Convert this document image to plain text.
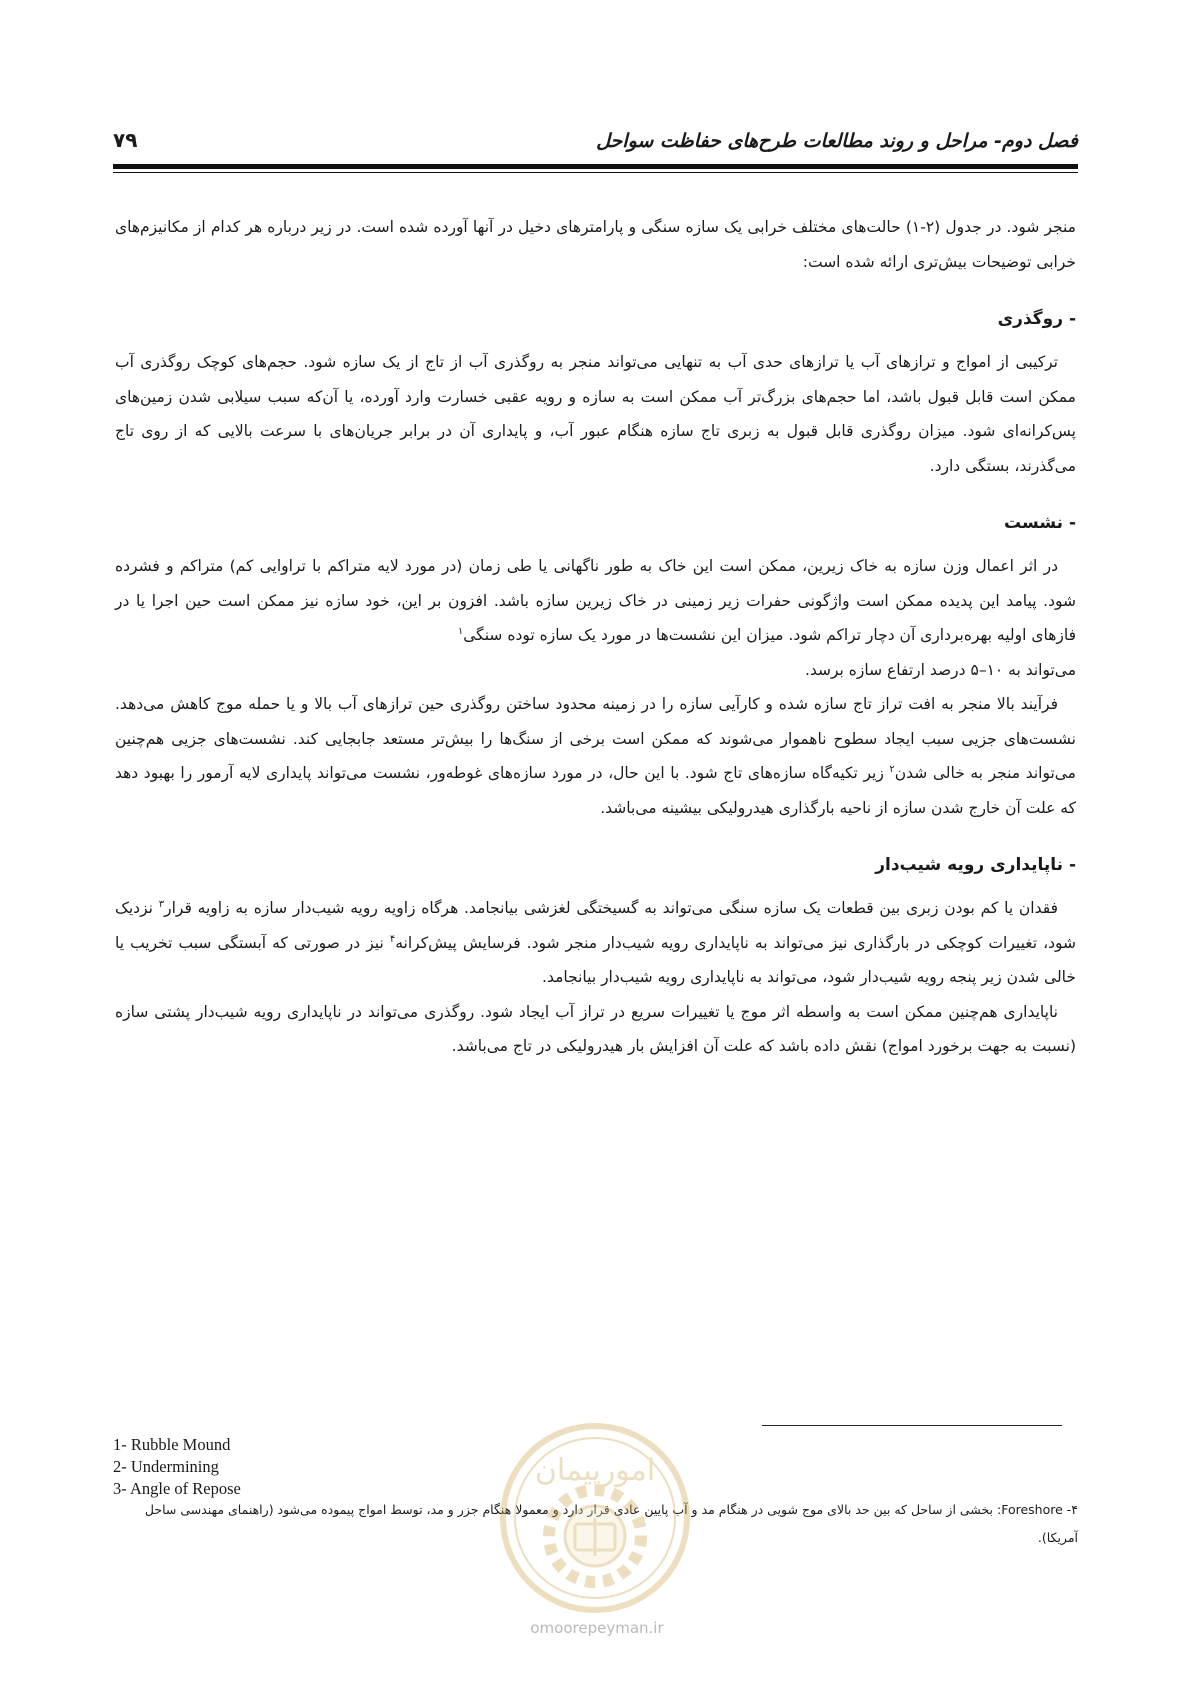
فصل دوم- مراحل و روند مطالعات طرح‌های حفاظت سواحل
۷۹

منجر شود. در جدول (۲-۱) حالت‌های مختلف خرابی یک سازه سنگی و پارامترهای دخیل در آنها آورده شده است. در زیر درباره هر کدام از مکانیزم‌های خرابی توضیحات بیش‌تری ارائه شده است:

- روگذری

ترکیبی از امواج و ترازهای آب یا ترازهای حدی آب به تنهایی می‌تواند منجر به روگذری آب از تاج از یک سازه شود. حجم‌های کوچک روگذری آب ممکن است قابل قبول باشد، اما حجم‌های بزرگ‌تر آب ممکن است به سازه و رویه عقبی خسارت وارد آورده، یا آن‌که سبب سیلابی شدن زمین‌های پس‌کرانه‌ای شود. میزان روگذری قابل قبول به زبری تاج سازه هنگام عبور آب، و پایداری آن در برابر جریان‌های با سرعت بالایی که از روی تاج می‌گذرند، بستگی دارد.

- نشست

در اثر اعمال وزن سازه به خاک زیرین، ممکن است این خاک به طور ناگهانی یا طی زمان (در مورد لایه متراکم با تراوایی کم) متراکم و فشرده شود. پیامد این پدیده ممکن است واژگونی حفرات زیر زمینی در خاک زیرین سازه باشد. افزون بر این، خود سازه نیز ممکن است حین اجرا یا در فازهای اولیه بهره‌برداری آن دچار تراکم شود. میزان این نشست‌ها در مورد یک سازه توده سنگی$^۱$

می‌تواند به ۱۰–۵ درصد ارتفاع سازه برسد.

فرآیند بالا منجر به افت تراز تاج سازه شده و کارآیی سازه را در زمینه محدود ساختن روگذری حین ترازهای آب بالا و یا حمله موج کاهش می‌دهد. نشست‌های جزیی سبب ایجاد سطوح ناهموار می‌شوند که ممکن است برخی از سنگ‌ها را بیش‌تر مستعد جابجایی کند. نشست‌های جزیی هم‌چنین می‌تواند منجر به خالی شدن$^۲$ زیر تکیه‌گاه سازه‌های تاج شود. با این حال، در مورد سازه‌های غوطه‌ور، نشست می‌تواند پایداری لایه آرمور را بهبود دهد که علت آن خارج شدن سازه از ناحیه بارگذاری هیدرولیکی بیشینه می‌باشد.

- ناپایداری رویه شیب‌دار

فقدان یا کم بودن زبری بین قطعات یک سازه سنگی می‌تواند به گسیختگی لغزشی بیانجامد. هرگاه زاویه رویه شیب‌دار سازه به زاویه قرار$^۳$ نزدیک شود، تغییرات کوچکی در بارگذاری نیز می‌تواند به ناپایداری رویه شیب‌دار منجر شود. فرسایش پیش‌کرانه$^۴$ نیز در صورتی که آبستگی سبب تخریب یا خالی شدن زیر پنجه رویه شیب‌دار شود، می‌تواند به ناپایداری رویه شیب‌دار بیانجامد.

ناپایداری هم‌چنین ممکن است به واسطه اثر موج یا تغییرات سریع در تراز آب ایجاد شود. روگذری می‌تواند در ناپایداری رویه شیب‌دار پشتی سازه (نسبت به جهت برخورد امواج) نقش داده باشد که علت آن افزایش بار هیدرولیکی در تاج می‌باشد.

1- Rubble Mound
2- Undermining
3- Angle of Repose
۴- Foreshore: بخشی از ساحل که بین حد بالای موج شویی در هنگام مد و آب پایین عادی قرار دارد و معمولا هنگام جزر و مد، توسط امواج پیموده می‌شود (راهنمای مهندسی ساحل آمریکا).
امورپیمان
omoorepeyman.ir
